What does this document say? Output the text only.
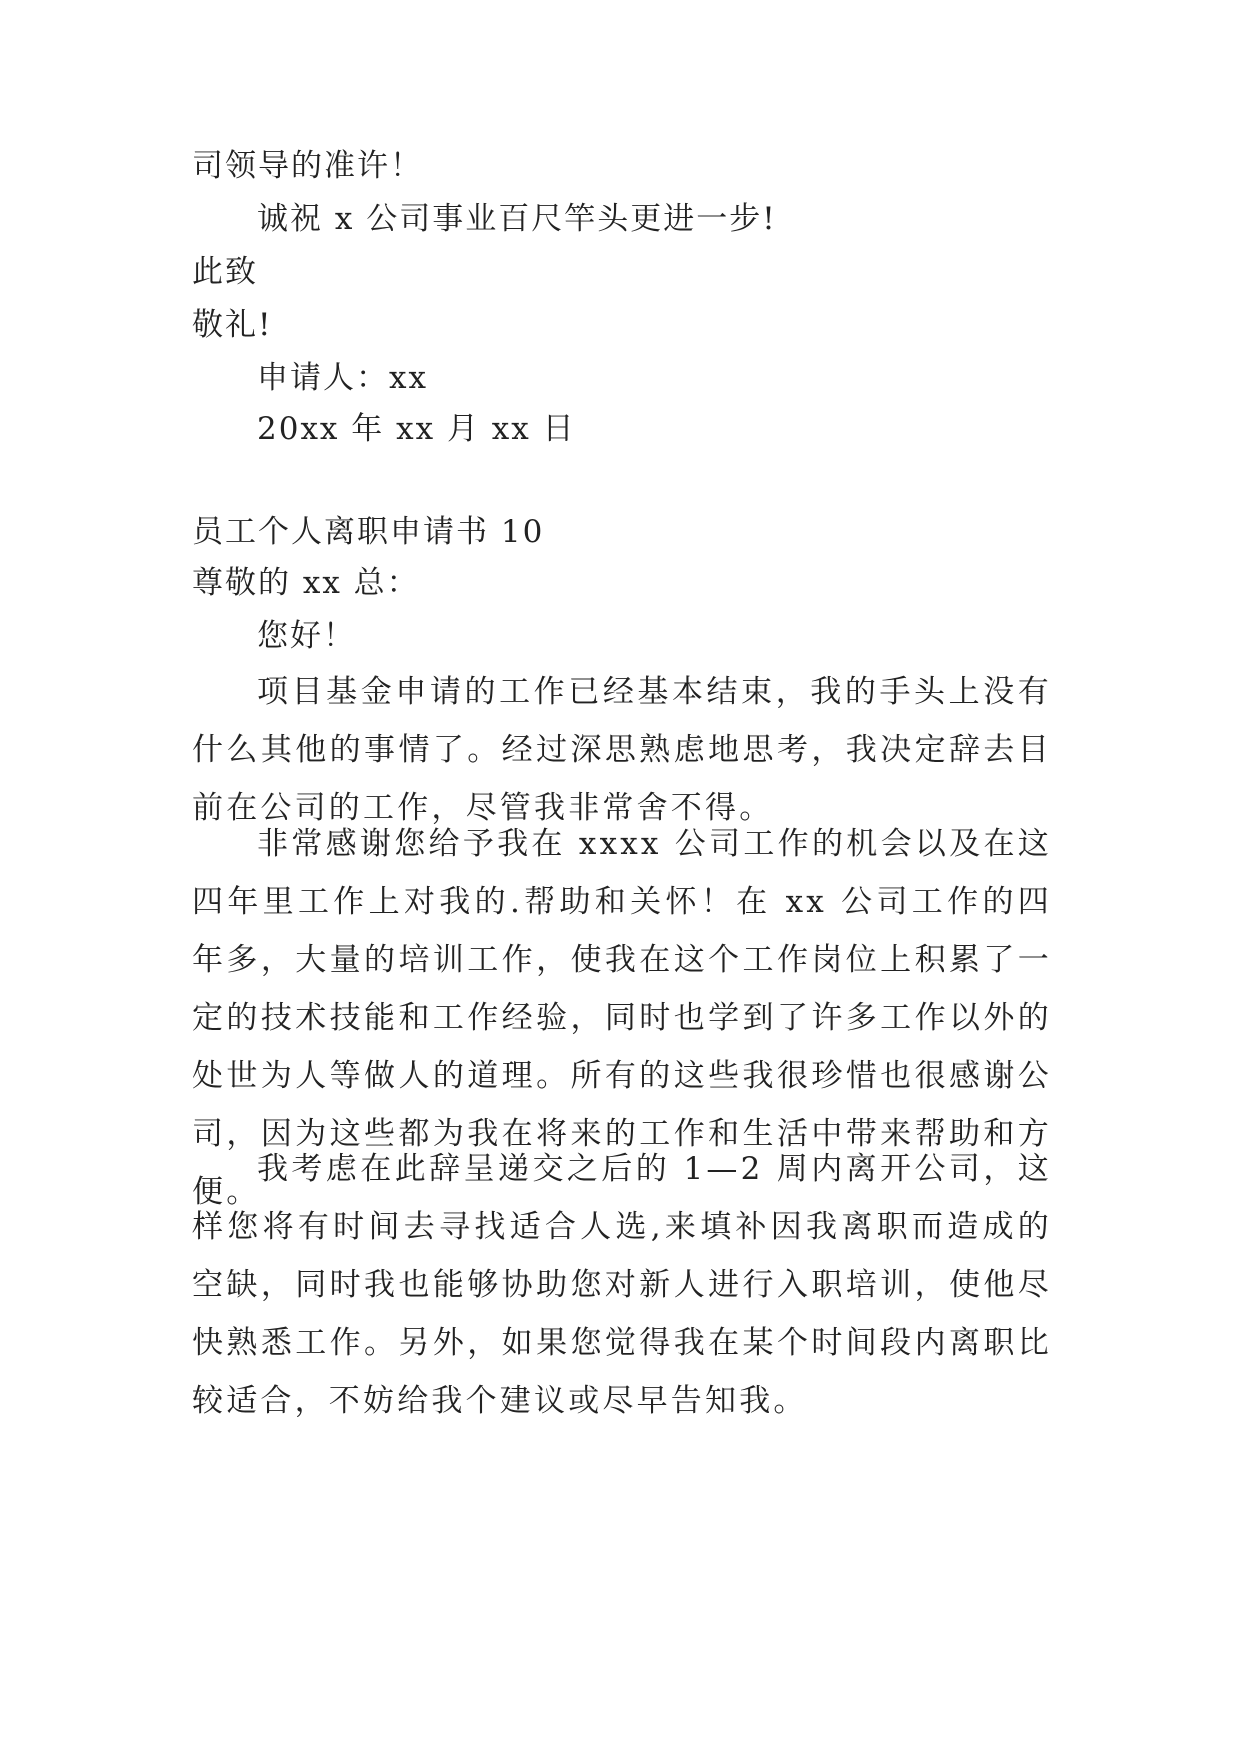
司领导的准许！
诚祝 x 公司事业百尺竿头更进一步!
此致
敬礼!
申请人：xx
20xx 年 xx 月 xx 日
员工个人离职申请书 10
尊敬的 xx 总：
您好！

项目基金申请的工作已经基本结束，我的手头上没有什么其他的事情了。经过深思熟虑地思考，我决定辞去目前在公司的工作，尽管我非常舍不得。

非常感谢您给予我在 xxxx 公司工作的机会以及在这四年里工作上对我的.帮助和关怀！在 xx 公司工作的四年多，大量的培训工作，使我在这个工作岗位上积累了一定的技术技能和工作经验，同时也学到了许多工作以外的处世为人等做人的道理。所有的这些我很珍惜也很感谢公司，因为这些都为我在将来的工作和生活中带来帮助和方便。

我考虑在此辞呈递交之后的 1—2 周内离开公司，这样您将有时间去寻找适合人选,来填补因我离职而造成的空缺，同时我也能够协助您对新人进行入职培训，使他尽快熟悉工作。另外，如果您觉得我在某个时间段内离职比较适合，不妨给我个建议或尽早告知我。
